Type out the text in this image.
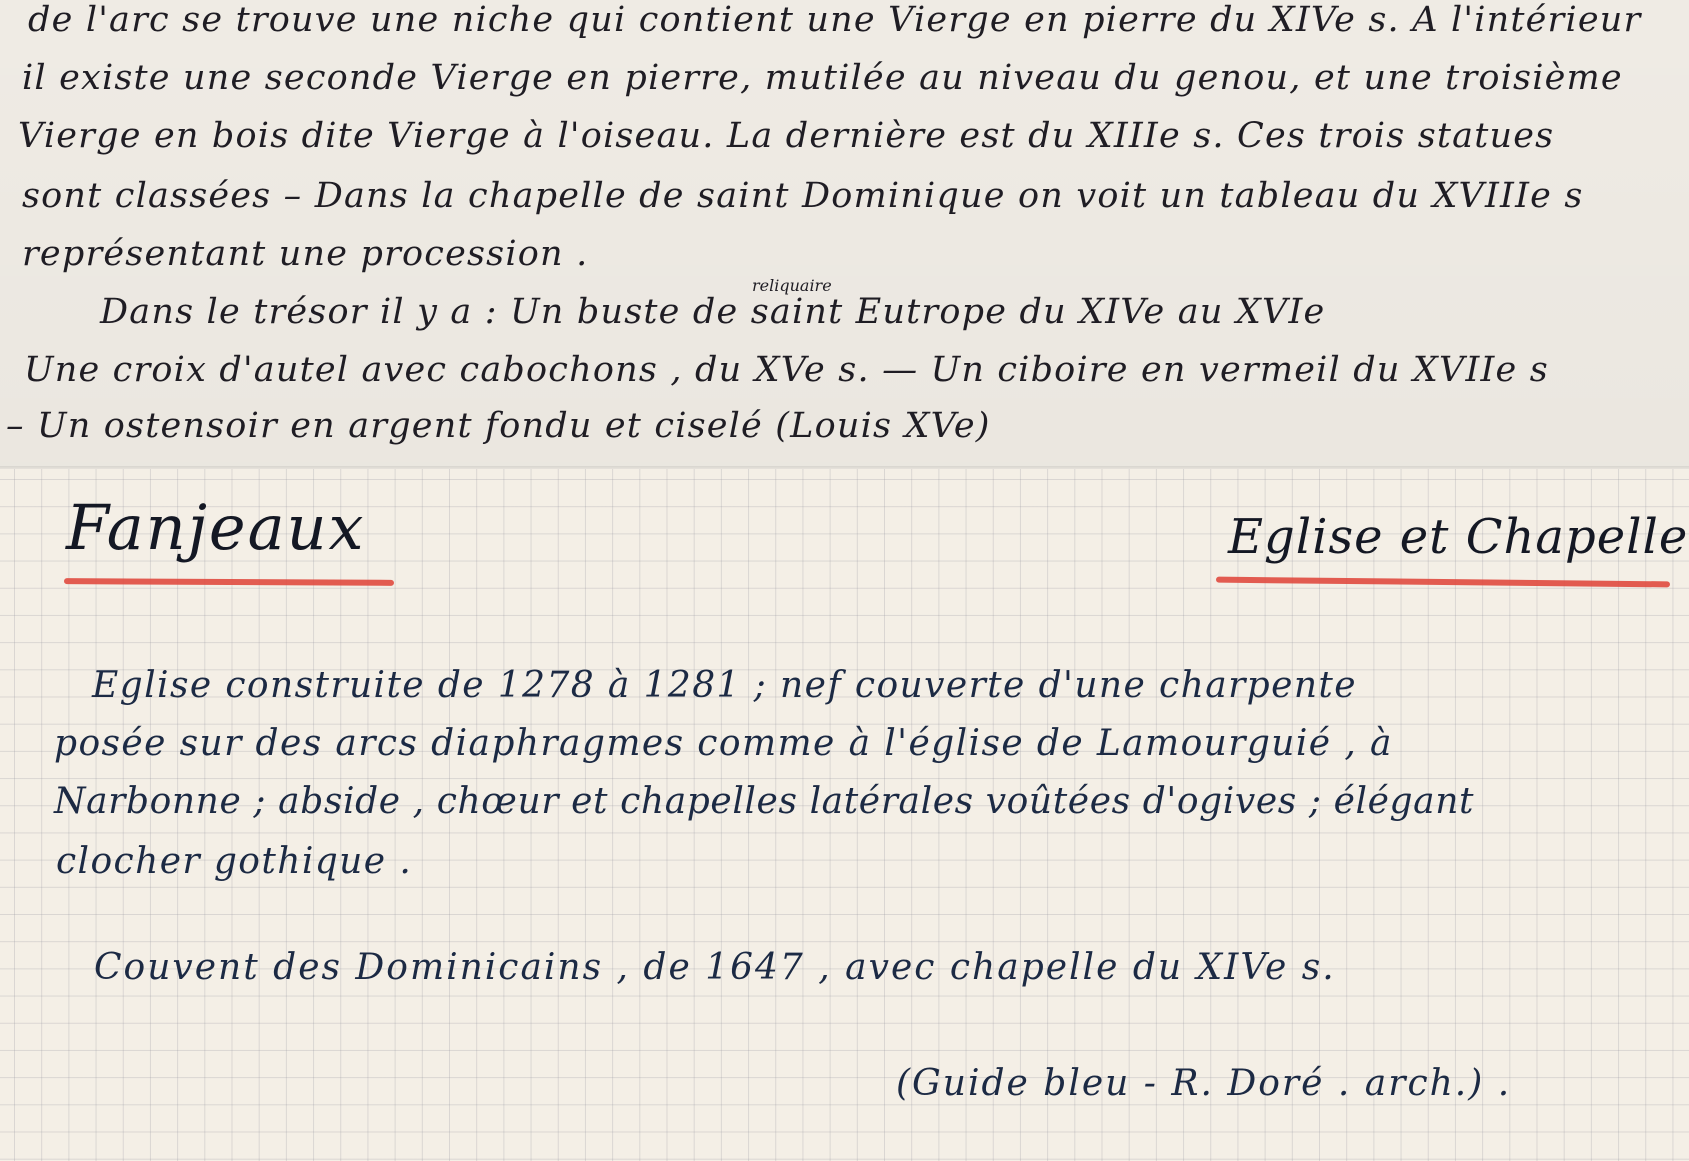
de l'arc se trouve une niche qui contient une Vierge en pierre du XIVe s. A l'intérieur
il existe une seconde Vierge en pierre, mutilée au niveau du genou, et une troisième
Vierge en bois dite Vierge à l'oiseau. La dernière est du XIIIe s. Ces trois statues
sont classées – Dans la chapelle de saint Dominique on voit un tableau du XVIIIe s
représentant une procession .
reliquaire
Dans le trésor il y a : Un buste de saint Eutrope du XIVe au XVIe
Une croix d'autel avec cabochons , du XVe s. — Un ciboire en vermeil du XVIIe s
– Un ostensoir en argent fondu et ciselé (Louis XVe)
Fanjeaux	Eglise et Chapelle
Eglise construite de 1278 à 1281 ; nef couverte d'une charpente
posée sur des arcs diaphragmes comme à l'église de Lamourguié , à
Narbonne ; abside , chœur et chapelles latérales voûtées d'ogives ; élégant
clocher gothique .
Couvent des Dominicains , de 1647 , avec chapelle du XIVe s.
(Guide bleu - R. Doré . arch.) .
